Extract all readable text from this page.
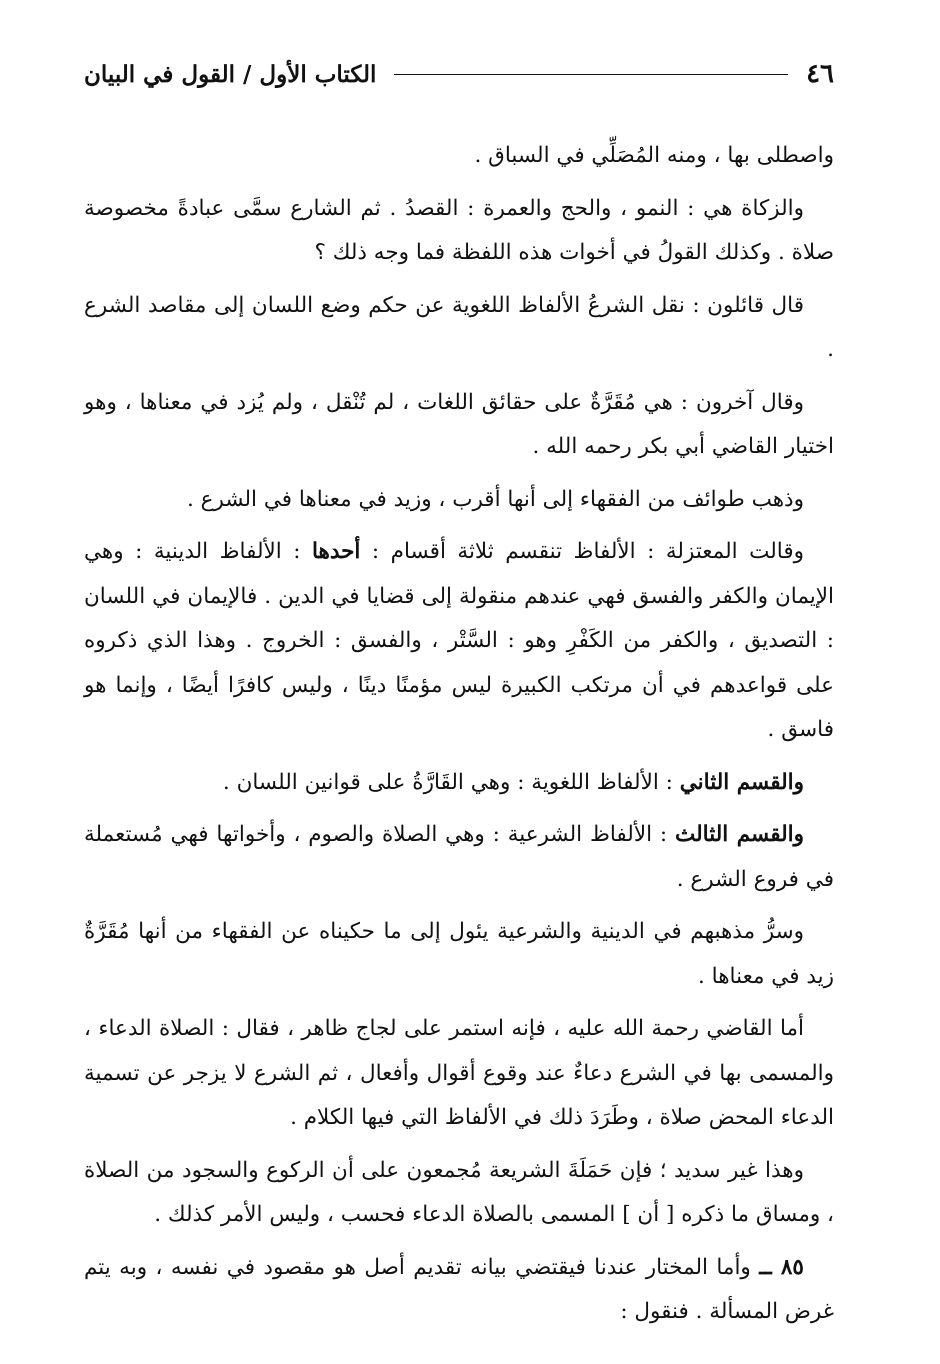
٤٦
الكتاب الأول / القول في البيان

واصطلى بها ، ومنه المُصَلِّي في السباق .

والزكاة هي : النمو ، والحج والعمرة : القصدُ . ثم الشارع سمَّى عبادةً مخصوصة صلاة . وكذلك القولُ في أخوات هذه اللفظة فما وجه ذلك ؟

قال قائلون : نقل الشرعُ الألفاظ اللغوية عن حكم وضع اللسان إلى مقاصد الشرع .

وقال آخرون : هي مُقَرَّةٌ على حقائق اللغات ، لم تُنْقل ، ولم يُزد في معناها ، وهو اختيار القاضي أبي بكر رحمه الله .

وذهب طوائف من الفقهاء إلى أنها أقرب ، وزيد في معناها في الشرع .

وقالت المعتزلة : الألفاظ تنقسم ثلاثة أقسام : أحدها : الألفاظ الدينية : وهي الإيمان والكفر والفسق فهي عندهم منقولة إلى قضايا في الدين . فالإيمان في اللسان : التصديق ، والكفر من الكَفْرِ وهو : السَّتْر ، والفسق : الخروج . وهذا الذي ذكروه على قواعدهم في أن مرتكب الكبيرة ليس مؤمنًا دينًا ، وليس كافرًا أيضًا ، وإنما هو فاسق .

والقسم الثاني : الألفاظ اللغوية : وهي القَارَّةُ على قوانين اللسان .

والقسم الثالث : الألفاظ الشرعية : وهي الصلاة والصوم ، وأخواتها فهي مُستعملة في فروع الشرع .

وسرُّ مذهبهم في الدينية والشرعية يئول إلى ما حكيناه عن الفقهاء من أنها مُقَرَّةٌ زيد في معناها .

أما القاضي رحمة الله عليه ، فإنه استمر على لجاج ظاهر ، فقال : الصلاة الدعاء ، والمسمى بها في الشرع دعاءٌ عند وقوع أقوال وأفعال ، ثم الشرع لا يزجر عن تسمية الدعاء المحض صلاة ، وطَرَدَ ذلك في الألفاظ التي فيها الكلام .

وهذا غير سديد ؛ فإن حَمَلَةَ الشريعة مُجمعون على أن الركوع والسجود من الصلاة ، ومساق ما ذكره [ أن ] المسمى بالصلاة الدعاء فحسب ، وليس الأمر كذلك .

٨٥ ــ وأما المختار عندنا فيقتضي بيانه تقديم أصل هو مقصود في نفسه ، وبه يتم غرض المسألة . فنقول :
